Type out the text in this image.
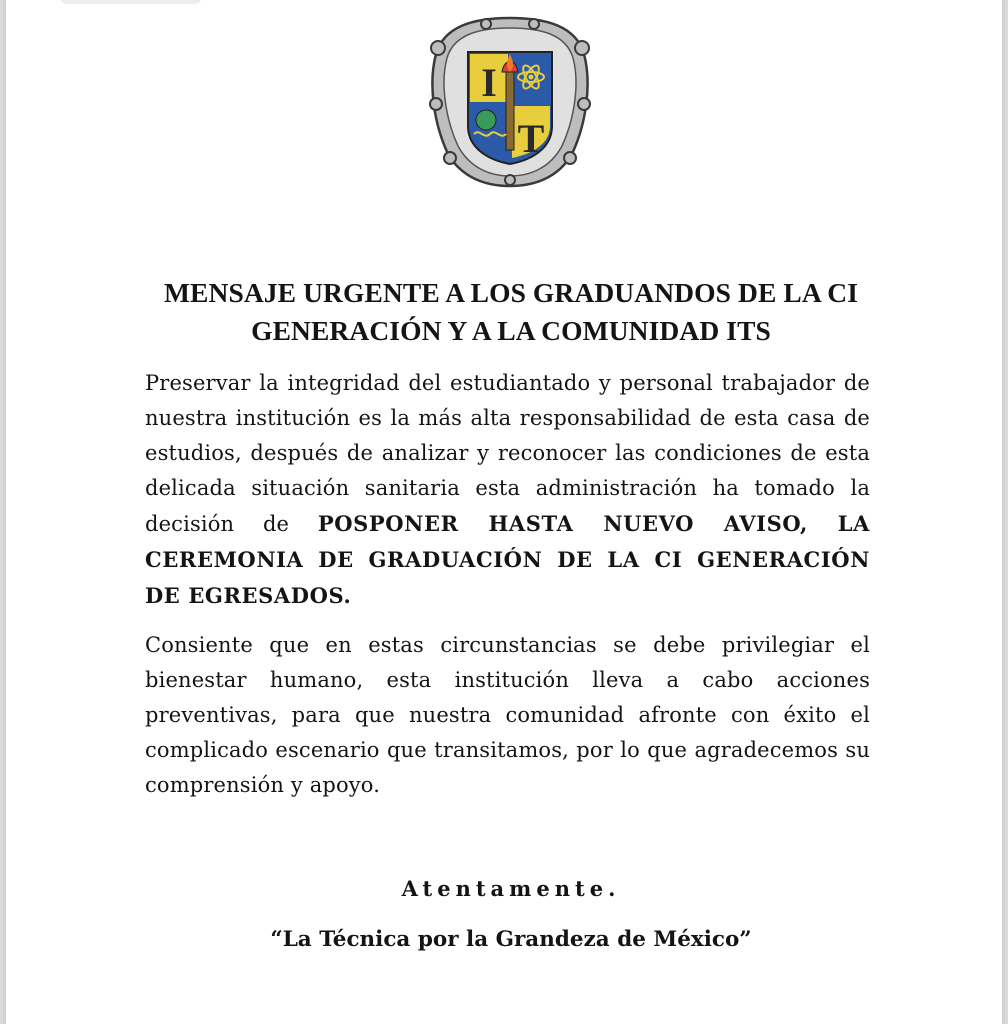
I
T
MENSAJE URGENTE A LOS GRADUANDOS DE LA CI
GENERACIÓN Y A LA COMUNIDAD ITS

Preservar la integridad del estudiantado y personal trabajador de nuestra institución es la más alta responsabilidad de esta casa de estudios, después de analizar y reconocer las condiciones de esta delicada situación sanitaria esta administración ha tomado la decisión de POSPONER HASTA NUEVO AVISO, LA CEREMONIA DE GRADUACIÓN DE LA CI GENERACIÓN DE EGRESADOS.

Consiente que en estas circunstancias se debe privilegiar el bienestar humano, esta institución lleva a cabo acciones preventivas, para que nuestra comunidad afronte con éxito el complicado escenario que transitamos, por lo que agradecemos su comprensión y apoyo.

Atentamente.
“La Técnica por la Grandeza de México”
